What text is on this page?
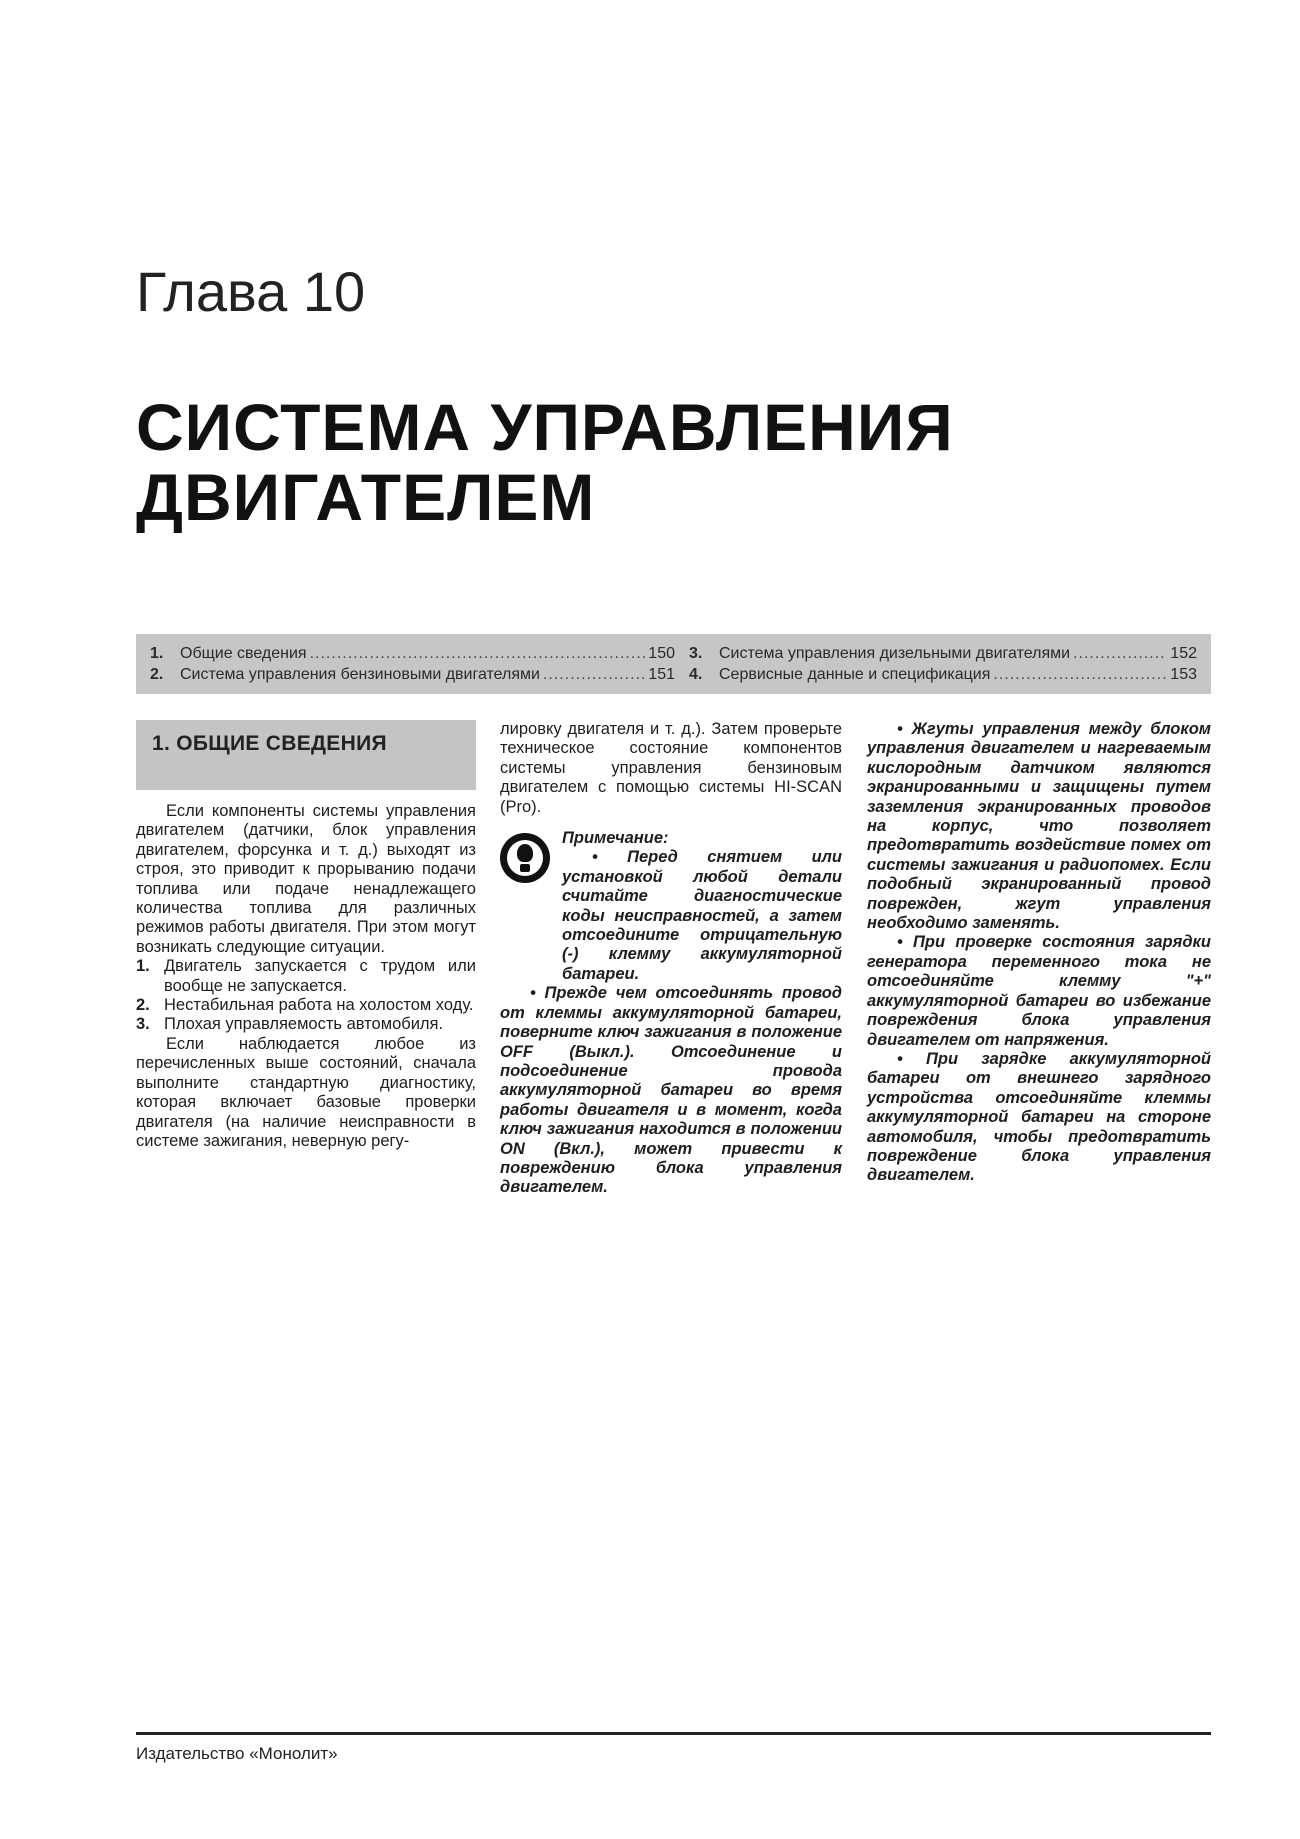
Глава 10
СИСТЕМА УПРАВЛЕНИЯ
ДВИГАТЕЛЕМ
1.	Общие сведения .....	150
2.	Система управления бензиновыми двигателями .....	151
3.	Система управления дизельными двигателями .....	152
4.	Сервисные данные и спецификация .....	153
1. ОБЩИЕ СВЕДЕНИЯ

Если компоненты системы управления двигателем (датчики, блок управления двигателем, форсунка и т. д.) выходят из строя, это приводит к прорыванию подачи топлива или подаче ненадлежащего количества топлива для различных режимов работы двигателя. При этом могут возникать следующие ситуации.

1. Двигатель запускается с трудом или вообще не запускается.
2. Нестабильная работа на холостом ходу.
3. Плохая управляемость автомобиля.

Если наблюдается любое из перечисленных выше состояний, сначала выполните стандартную диагностику, которая включает базовые проверки двигателя (на наличие неисправности в системе зажигания, неверную регу-

лировку двигателя и т. д.). Затем проверьте техническое состояние компонентов системы управления бензиновым двигателем с помощью системы HI-SCAN (Pro).

Примечание:

• Перед снятием или установкой любой детали считайте диагностические коды неисправностей, а затем отсоедините отрицательную (-) клемму аккумуляторной батареи.

• Прежде чем отсоединять провод от клеммы аккумуляторной батареи, поверните ключ зажигания в положение OFF (Выкл.). Отсоединение и подсоединение провода аккумуляторной батареи во время работы двигателя и в момент, когда ключ зажигания находится в положении ON (Вкл.), может привести к повреждению блока управления двигателем.

• Жгуты управления между блоком управления двигателем и нагреваемым кислородным датчиком являются экранированными и защищены путем заземления экранированных проводов на корпус, что позволяет предотвратить воздействие помех от системы зажигания и радиопомех. Если подобный экранированный провод поврежден, жгут управления необходимо заменять.

• При проверке состояния зарядки генератора переменного тока не отсоединяйте клемму "+" аккумуляторной батареи во избежание повреждения блока управления двигателем от напряжения.

• При зарядке аккумуляторной батареи от внешнего зарядного устройства отсоединяйте клеммы аккумуляторной батареи на стороне автомобиля, чтобы предотвратить повреждение блока управления двигателем.

Издательство «Монолит»
